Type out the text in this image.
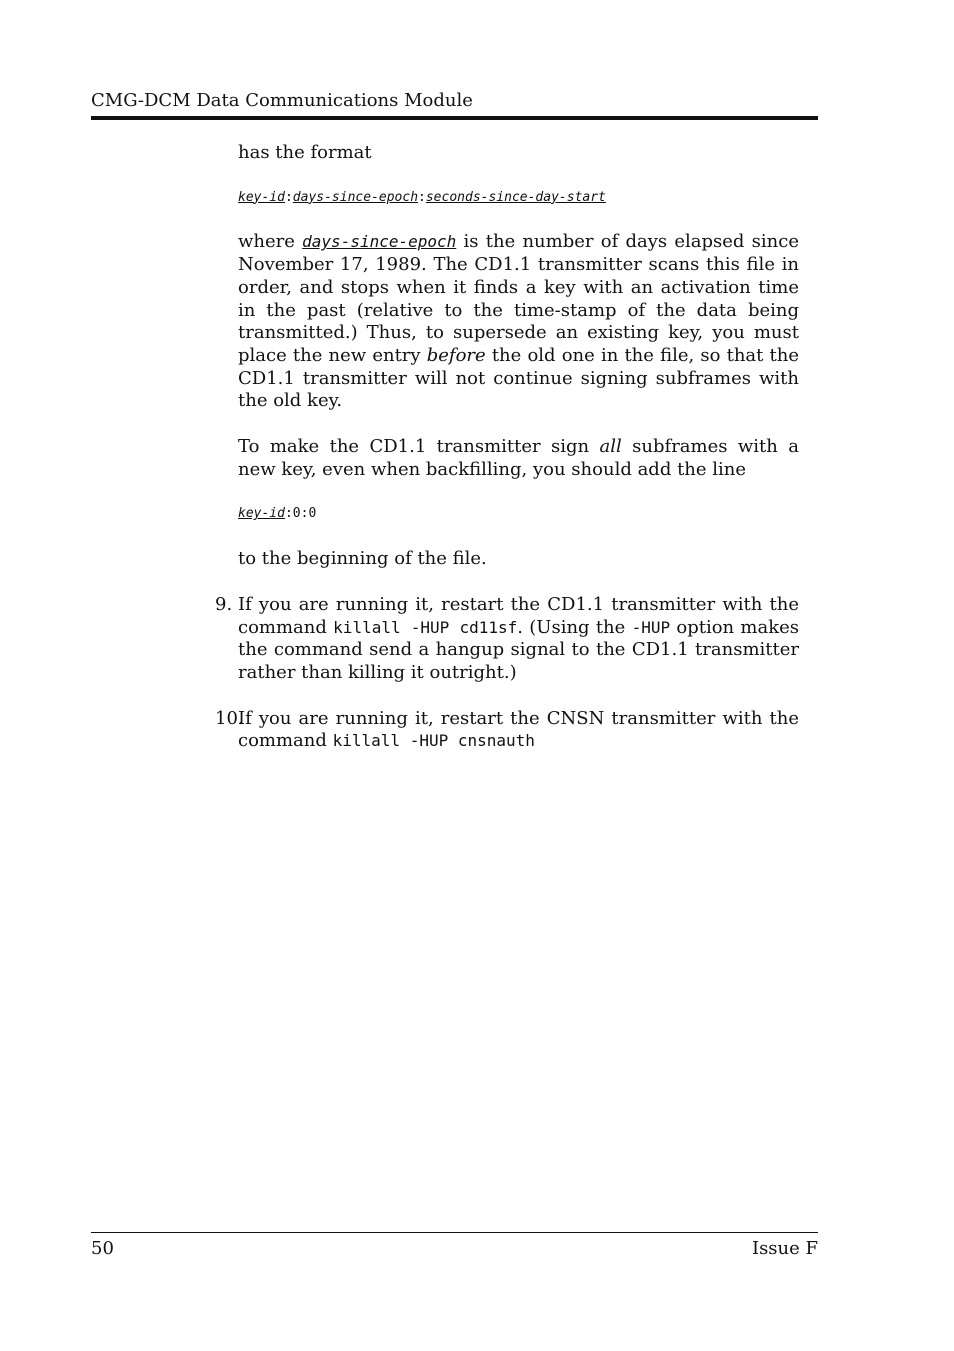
CMG-DCM Data Communications Module

has the format

key-id:days-since-epoch:seconds-since-day-start

where days-since-epoch is the number of days elapsed since November 17, 1989. The CD1.1 transmitter scans this file in order, and stops when it finds a key with an activation time in the past (relative to the time-stamp of the data being transmitted.) Thus, to supersede an existing key, you must place the new entry before the old one in the file, so that the CD1.1 transmitter will not continue signing subframes with the old key.

To make the CD1.1 transmitter sign all subframes with a new key, even when backfilling, you should add the line

key-id:0:0

to the beginning of the file.

9. If you are running it, restart the CD1.1 transmitter with the command killall -HUP cd11sf. (Using the -HUP option makes the command send a hangup signal to the CD1.1 transmitter rather than killing it outright.)
10.
If you are running it, restart the CNSN transmitter with the command killall -HUP cnsnauth
50	Issue F
